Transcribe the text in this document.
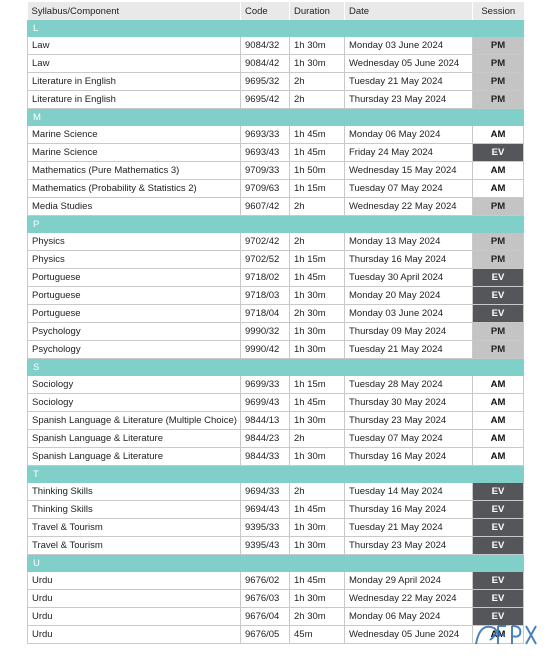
Syllabus/Component	Code	Duration	Date	Session
L				
Law	9084/32	1h 30m	Monday 03 June 2024	PM
Law	9084/42	1h 30m	Wednesday 05 June 2024	PM
Literature in English	9695/32	2h	Tuesday 21 May 2024	PM
Literature in English	9695/42	2h	Thursday 23 May 2024	PM
M				
Marine Science	9693/33	1h 45m	Monday 06 May 2024	AM
Marine Science	9693/43	1h 45m	Friday 24 May 2024	EV
Mathematics (Pure Mathematics 3)	9709/33	1h 50m	Wednesday 15 May 2024	AM
Mathematics (Probability & Statistics 2)	9709/63	1h 15m	Tuesday 07 May 2024	AM
Media Studies	9607/42	2h	Wednesday 22 May 2024	PM
P				
Physics	9702/42	2h	Monday 13 May 2024	PM
Physics	9702/52	1h 15m	Thursday 16 May 2024	PM
Portuguese	9718/02	1h 45m	Tuesday 30 April 2024	EV
Portuguese	9718/03	1h 30m	Monday 20 May 2024	EV
Portuguese	9718/04	2h 30m	Monday 03 June 2024	EV
Psychology	9990/32	1h 30m	Thursday 09 May 2024	PM
Psychology	9990/42	1h 30m	Tuesday 21 May 2024	PM
S				
Sociology	9699/33	1h 15m	Tuesday 28 May 2024	AM
Sociology	9699/43	1h 45m	Thursday 30 May 2024	AM
Spanish Language & Literature (Multiple Choice)	9844/13	1h 30m	Thursday 23 May 2024	AM
Spanish Language & Literature	9844/23	2h	Tuesday 07 May 2024	AM
Spanish Language & Literature	9844/33	1h 30m	Thursday 16 May 2024	AM
T				
Thinking Skills	9694/33	2h	Tuesday 14 May 2024	EV
Thinking Skills	9694/43	1h 45m	Thursday 16 May 2024	EV
Travel & Tourism	9395/33	1h 30m	Tuesday 21 May 2024	EV
Travel & Tourism	9395/43	1h 30m	Thursday 23 May 2024	EV
U				
Urdu	9676/02	1h 45m	Monday 29 April 2024	EV
Urdu	9676/03	1h 30m	Wednesday 22 May 2024	EV
Urdu	9676/04	2h 30m	Monday 06 May 2024	EV
Urdu	9676/05	45m	Wednesday 05 June 2024	AM
